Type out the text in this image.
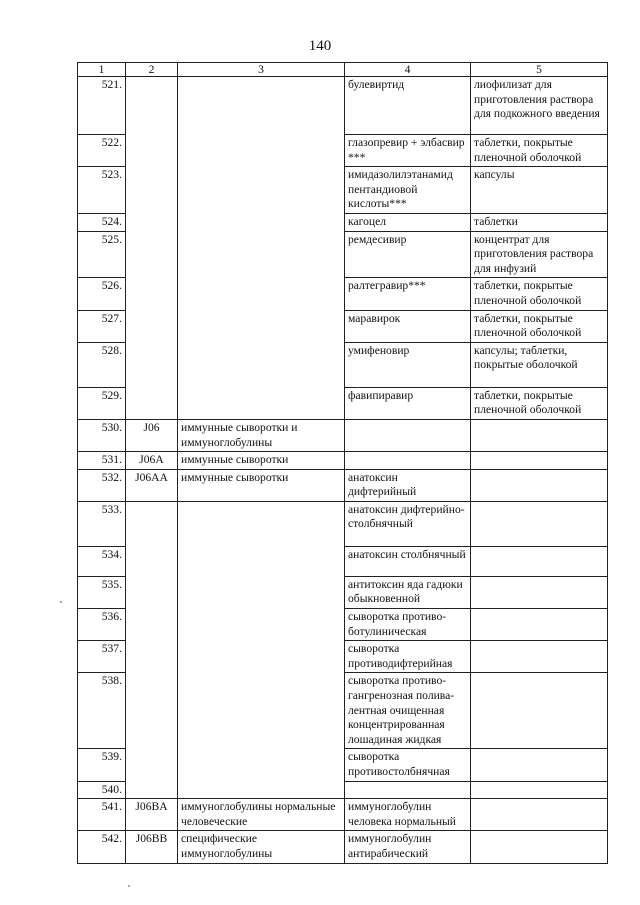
140
1	2	3	4	5
521.			булевиртид	лиофилизат для приготовления раствора для подкожного введения
522.			глазопревир + элбасвир ***	таблетки, покрытые пленочной оболочкой
523.			имидазолилэтанамид пентандиовой кислоты***	капсулы
524.			кагоцел	таблетки
525.			ремдесивир	концентрат для приготовления раствора для инфузий
526.			ралтегравир***	таблетки, покрытые пленочной оболочкой
527.			маравирок	таблетки, покрытые пленочной оболочкой
528.			умифеновир	капсулы; таблетки, покрытые оболочкой
529.			фавипиравир	таблетки, покрытые пленочной оболочкой
530.	J06	иммунные сыворотки и иммуноглобулины		
531.	J06A	иммунные сыворотки		
532.	J06AA	иммунные сыворотки	анатоксин дифтерийный	
533.			анатоксин дифтерийно-столбнячный	
534.			анатоксин столбнячный	
535.			антитоксин яда гадюки обыкновенной	
536.			сыворотка противо-ботулиническая	
537.			сыворотка противодифтерийная	
538.			сыворотка противо-гангренозная полива-лентная очищенная концентрированная лошадиная жидкая	
539.			сыворотка противостолбнячная	
540.				
541.	J06BA	иммуноглобулины нормальные человеческие	иммуноглобулин человека нормальный	
542.	J06BB	специфические иммуноглобулины	иммуноглобулин антирабический	
